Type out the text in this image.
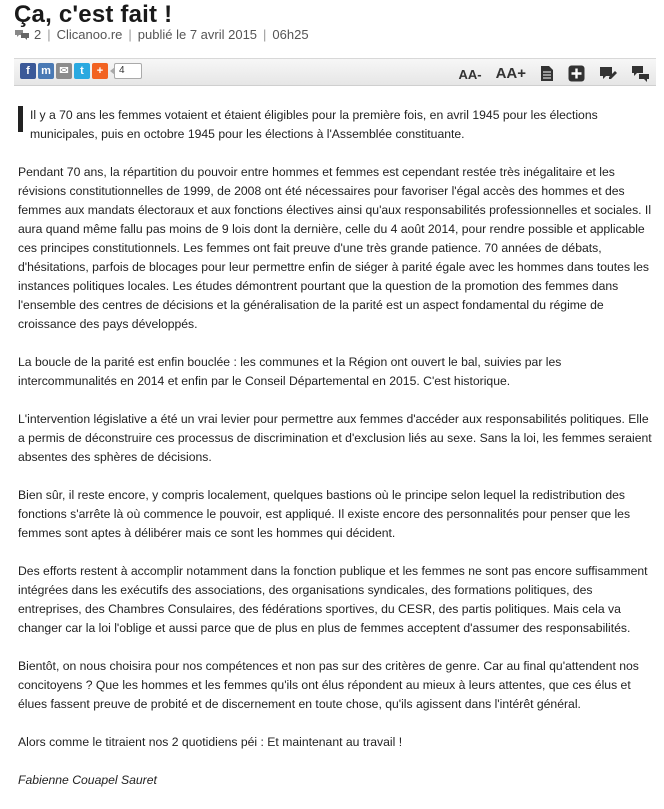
Ça, c'est fait !
2 | Clicanoo.re | publié le 7 avril 2015 | 06h25
f	m ✉	t	+	4	AA- AA+

Il y a 70 ans les femmes votaient et étaient éligibles pour la première fois, en avril 1945 pour les élections municipales, puis en octobre 1945 pour les élections à l'Assemblée constituante.

Pendant 70 ans, la répartition du pouvoir entre hommes et femmes est cependant restée très inégalitaire et les révisions constitutionnelles de 1999, de 2008 ont été nécessaires pour favoriser l'égal accès des hommes et des femmes aux mandats électoraux et aux fonctions électives ainsi qu'aux responsabilités professionnelles et sociales. Il aura quand même fallu pas moins de 9 lois dont la dernière, celle du 4 août 2014, pour rendre possible et applicable ces principes constitutionnels. Les femmes ont fait preuve d'une très grande patience. 70 années de débats, d'hésitations, parfois de blocages pour leur permettre enfin de siéger à parité égale avec les hommes dans toutes les instances politiques locales. Les études démontrent pourtant que la question de la promotion des femmes dans l'ensemble des centres de décisions et la généralisation de la parité est un aspect fondamental du régime de croissance des pays développés.

La boucle de la parité est enfin bouclée : les communes et la Région ont ouvert le bal, suivies par les intercommunalités en 2014 et enfin par le Conseil Départemental en 2015. C'est historique.

L'intervention législative a été un vrai levier pour permettre aux femmes d'accéder aux responsabilités politiques. Elle a permis de déconstruire ces processus de discrimination et d'exclusion liés au sexe. Sans la loi, les femmes seraient absentes des sphères de décisions.

Bien sûr, il reste encore, y compris localement, quelques bastions où le principe selon lequel la redistribution des fonctions s'arrête là où commence le pouvoir, est appliqué. Il existe encore des personnalités pour penser que les femmes sont aptes à délibérer mais ce sont les hommes qui décident.

Des efforts restent à accomplir notamment dans la fonction publique et les femmes ne sont pas encore suffisamment intégrées dans les exécutifs des associations, des organisations syndicales, des formations politiques, des entreprises, des Chambres Consulaires, des fédérations sportives, du CESR, des partis politiques. Mais cela va changer car la loi l'oblige et aussi parce que de plus en plus de femmes acceptent d'assumer des responsabilités.

Bientôt, on nous choisira pour nos compétences et non pas sur des critères de genre. Car au final qu'attendent nos concitoyens ? Que les hommes et les femmes qu'ils ont élus répondent au mieux à leurs attentes, que ces élus et élues fassent preuve de probité et de discernement en toute chose, qu'ils agissent dans l'intérêt général.

Alors comme le titraient nos 2 quotidiens péi : Et maintenant au travail !

Fabienne Couapel Sauret
